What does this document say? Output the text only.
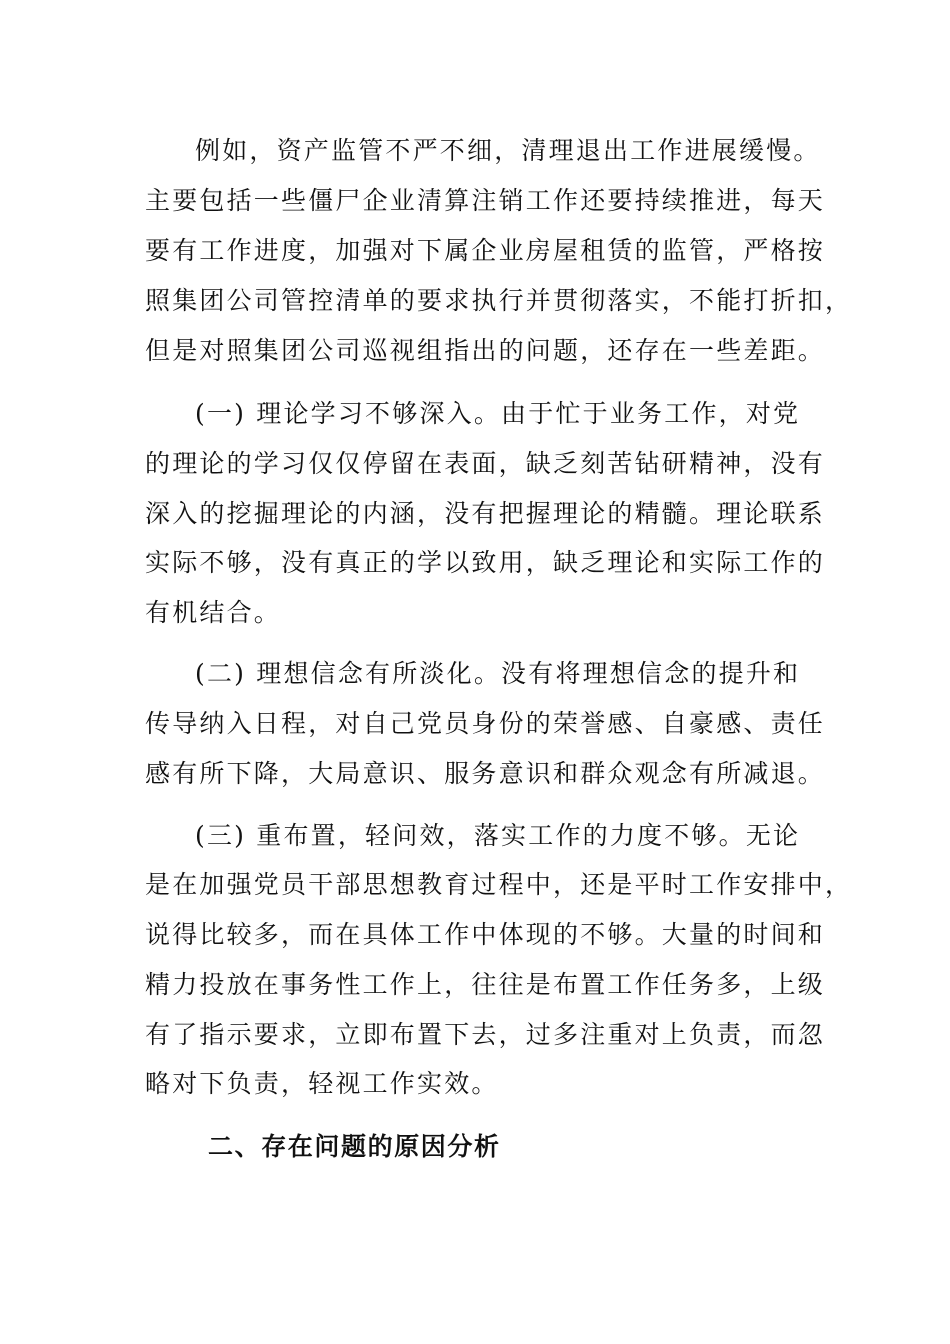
例如，资产监管不严不细，清理退出工作进展缓慢。
主要包括一些僵尸企业清算注销工作还要持续推进，每天
要有工作进度，加强对下属企业房屋租赁的监管，严格按
照集团公司管控清单的要求执行并贯彻落实，不能打折扣，
但是对照集团公司巡视组指出的问题，还存在一些差距。
(一) 理论学习不够深入。由于忙于业务工作，对党
的理论的学习仅仅停留在表面，缺乏刻苦钻研精神，没有
深入的挖掘理论的内涵，没有把握理论的精髓。理论联系
实际不够，没有真正的学以致用，缺乏理论和实际工作的
有机结合。
(二) 理想信念有所淡化。没有将理想信念的提升和
传导纳入日程，对自己党员身份的荣誉感、自豪感、责任
感有所下降，大局意识、服务意识和群众观念有所减退。
(三) 重布置，轻问效，落实工作的力度不够。无论
是在加强党员干部思想教育过程中，还是平时工作安排中，
说得比较多，而在具体工作中体现的不够。大量的时间和
精力投放在事务性工作上，往往是布置工作任务多，上级
有了指示要求，立即布置下去，过多注重对上负责，而忽
略对下负责，轻视工作实效。
二、存在问题的原因分析
